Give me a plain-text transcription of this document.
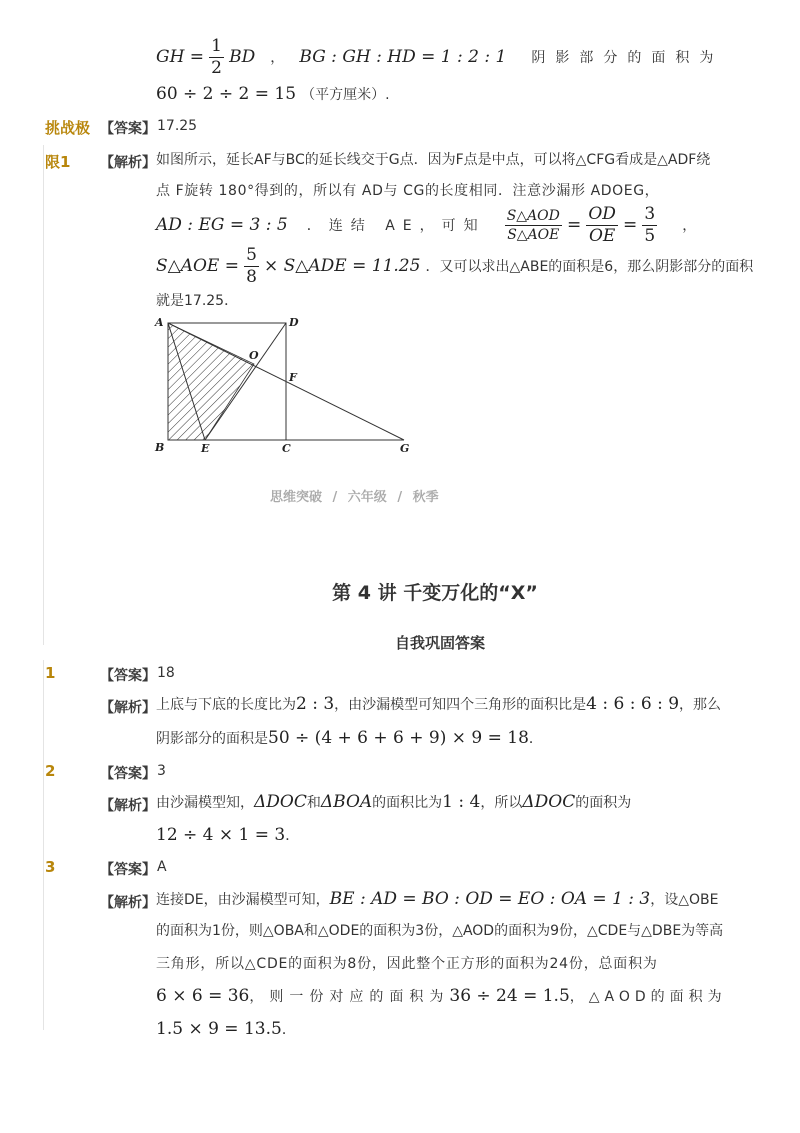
GH = $\frac{1}{2}$ BD ， BG : GH : HD = 1 : 2 : 1 阴影部分的面积为
60 ÷ 2 ÷ 2 = 15 （平方厘米）.
挑战极 【答案】 17.25
限1 【解析】 如图所示，延长AF与BC的延长线交于G点．因为F点是中点，可以将△CFG看成是△ADF绕
点 F旋转 180°得到的，所以有 AD与 CG的长度相同．注意沙漏形 ADOEG，
AD : EG = 3 : 5 ．连结 AE，可知 $\frac{\text{S△AOD}}{\text{S△AOE}} = \frac{OD}{OE} = \frac{3}{5}$ ，
S△AOE = $\frac{5}{8}$ × S△ADE = 11.25 ．又可以求出△ABE的面积是6，那么阴影部分的面积
就是17.25．
A	D
O
F
B	E	C	G
思维突破 / 六年级 / 秋季
第 4 讲 千变万化的“X”
自我巩固答案
1	【答案】 18
【解析】 上底与下底的长度比为2 : 3，由沙漏模型可知四个三角形的面积比是4 : 6 : 6 : 9，那么
阴影部分的面积是50 ÷ (4 + 6 + 6 + 9) × 9 = 18．
2	【答案】 3
【解析】 由沙漏模型知，ΔDOC和ΔBOA的面积比为1 : 4，所以ΔDOC的面积为
12 ÷ 4 × 1 = 3．
3	【答案】 A
【解析】 连接DE，由沙漏模型可知，BE : AD = BO : OD = EO : OA = 1 : 3，设△OBE
的面积为1份，则△OBA和△ODE的面积为3份，△AOD的面积为9份，△CDE与△DBE为等高
三角形，所以△CDE的面积为8份，因此整个正方形的面积为24份，总面积为
6 × 6 = 36，则一份对应的面积为36 ÷ 24 = 1.5，△AOD的面积为
1.5 × 9 = 13.5．
